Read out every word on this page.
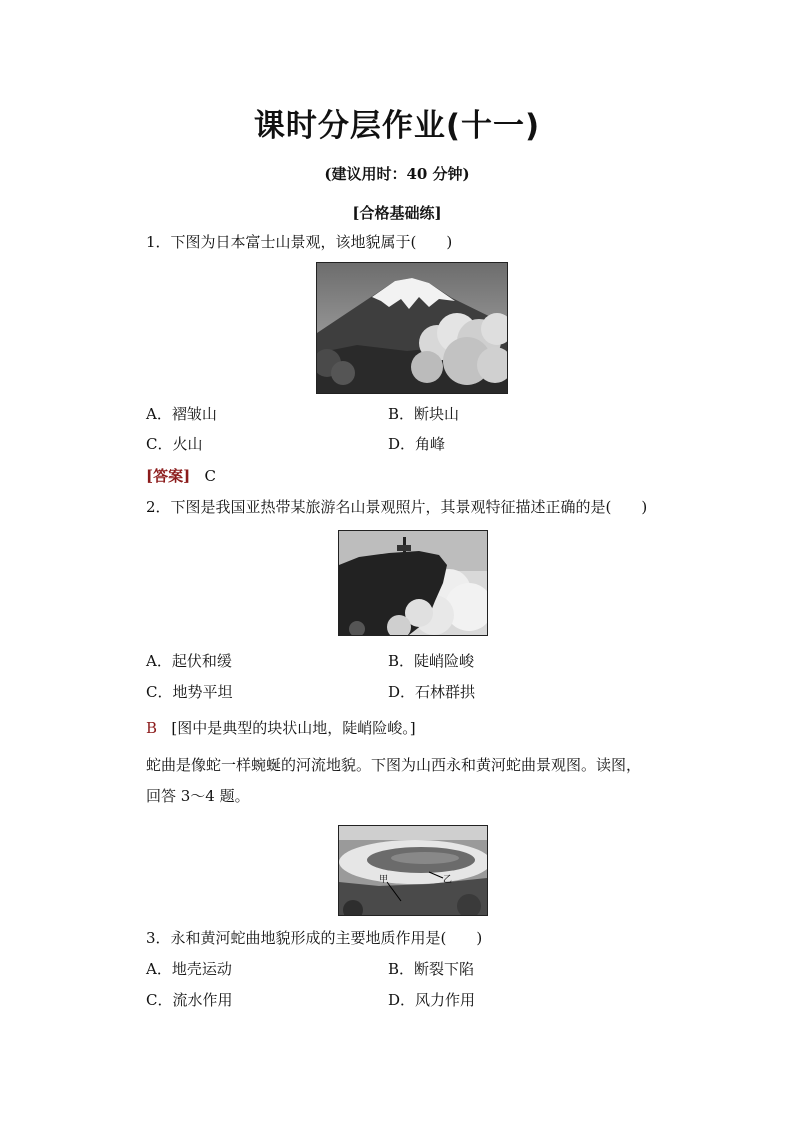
课时分层作业(十一)
(建议用时：40 分钟)
[合格基础练]
1．下图为日本富士山景观，该地貌属于(　　)
A．褶皱山	B．断块山
C．火山	D．角峰
[答案] C
2．下图是我国亚热带某旅游名山景观照片，其景观特征描述正确的是(　　)
A．起伏和缓	B．陡峭险峻
C．地势平坦	D．石林群拱
B [图中是典型的块状山地，陡峭险峻。]
蛇曲是像蛇一样蜿蜒的河流地貌。下图为山西永和黄河蛇曲景观图。读图，
回答 3～4 题。
甲	乙
3．永和黄河蛇曲地貌形成的主要地质作用是(　　)
A．地壳运动	B．断裂下陷
C．流水作用	D．风力作用
